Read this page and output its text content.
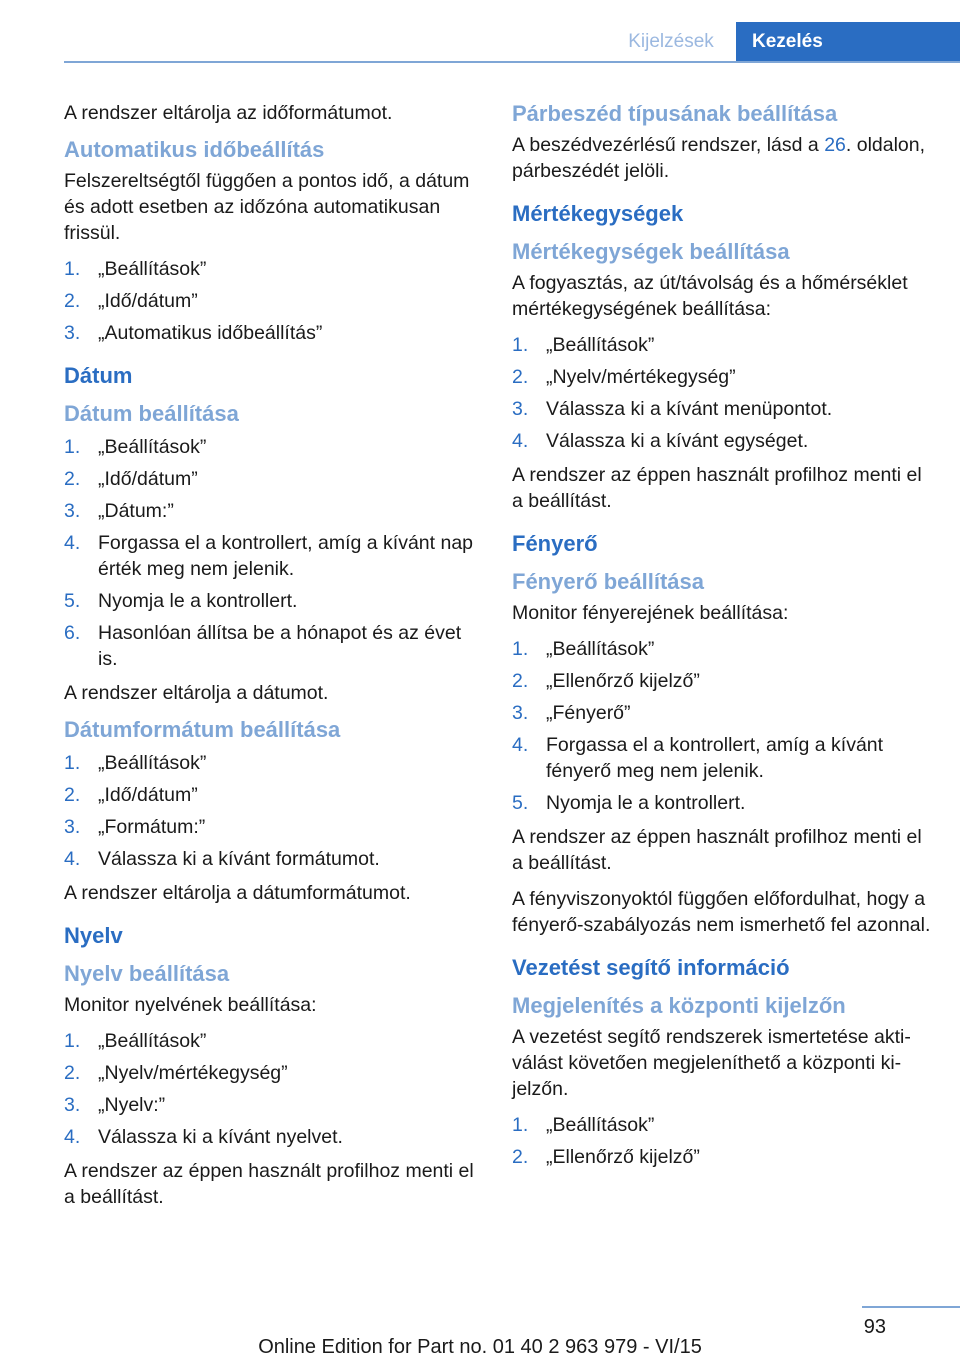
Kijelzések	Kezelés

A rendszer eltárolja az időformátumot.

Automatikus időbeállítás

Felszereltségtől függően a pontos idő, a dátum és adott esetben az időzóna automatikusan frissül.

1. „Beállítások”
2. „Idő/dátum”
3. „Automatikus időbeállítás”
Dátum
Dátum beállítása
1. „Beállítások”
2. „Idő/dátum”
3. „Dátum:”
4. Forgassa el a kontrollert, amíg a kívánt nap érték meg nem jelenik.
5. Nyomja le a kontrollert.
6. Hasonlóan állítsa be a hónapot és az évet is.

A rendszer eltárolja a dátumot.

Dátumformátum beállítása
1. „Beállítások”
2. „Idő/dátum”
3. „Formátum:”
4. Válassza ki a kívánt formátumot.

A rendszer eltárolja a dátumformátumot.

Nyelv
Nyelv beállítása

Monitor nyelvének beállítása:

1. „Beállítások”
2. „Nyelv/mértékegység”
3. „Nyelv:”
4. Válassza ki a kívánt nyelvet.

A rendszer az éppen használt profilhoz menti el a beállítást.

Párbeszéd típusának beállítása

A beszédvezérlésű rendszer, lásd a 26. oldalon, párbeszédét jelöli.

Mértékegységek
Mértékegységek beállítása

A fogyasztás, az út/távolság és a hőmérséklet mértékegységének beállítása:

1. „Beállítások”
2. „Nyelv/mértékegység”
3. Válassza ki a kívánt menüpontot.
4. Válassza ki a kívánt egységet.

A rendszer az éppen használt profilhoz menti el a beállítást.

Fényerő
Fényerő beállítása

Monitor fényerejének beállítása:

1. „Beállítások”
2. „Ellenőrző kijelző”
3. „Fényerő”
4. Forgassa el a kontrollert, amíg a kívánt fényerő meg nem jelenik.
5. Nyomja le a kontrollert.

A rendszer az éppen használt profilhoz menti el a beállítást.

A fényviszonyoktól függően előfordulhat, hogy a fényerő-szabályozás nem ismerhető fel azonnal.

Vezetést segítő információ
Megjelenítés a központi kijelzőn

A vezetést segítő rendszerek ismertetése aktiválást követően megjeleníthető a központi kijelzőn.

1. „Beállítások”
2. „Ellenőrző kijelző”
93
Online Edition for Part no. 01 40 2 963 979 - VI/15
